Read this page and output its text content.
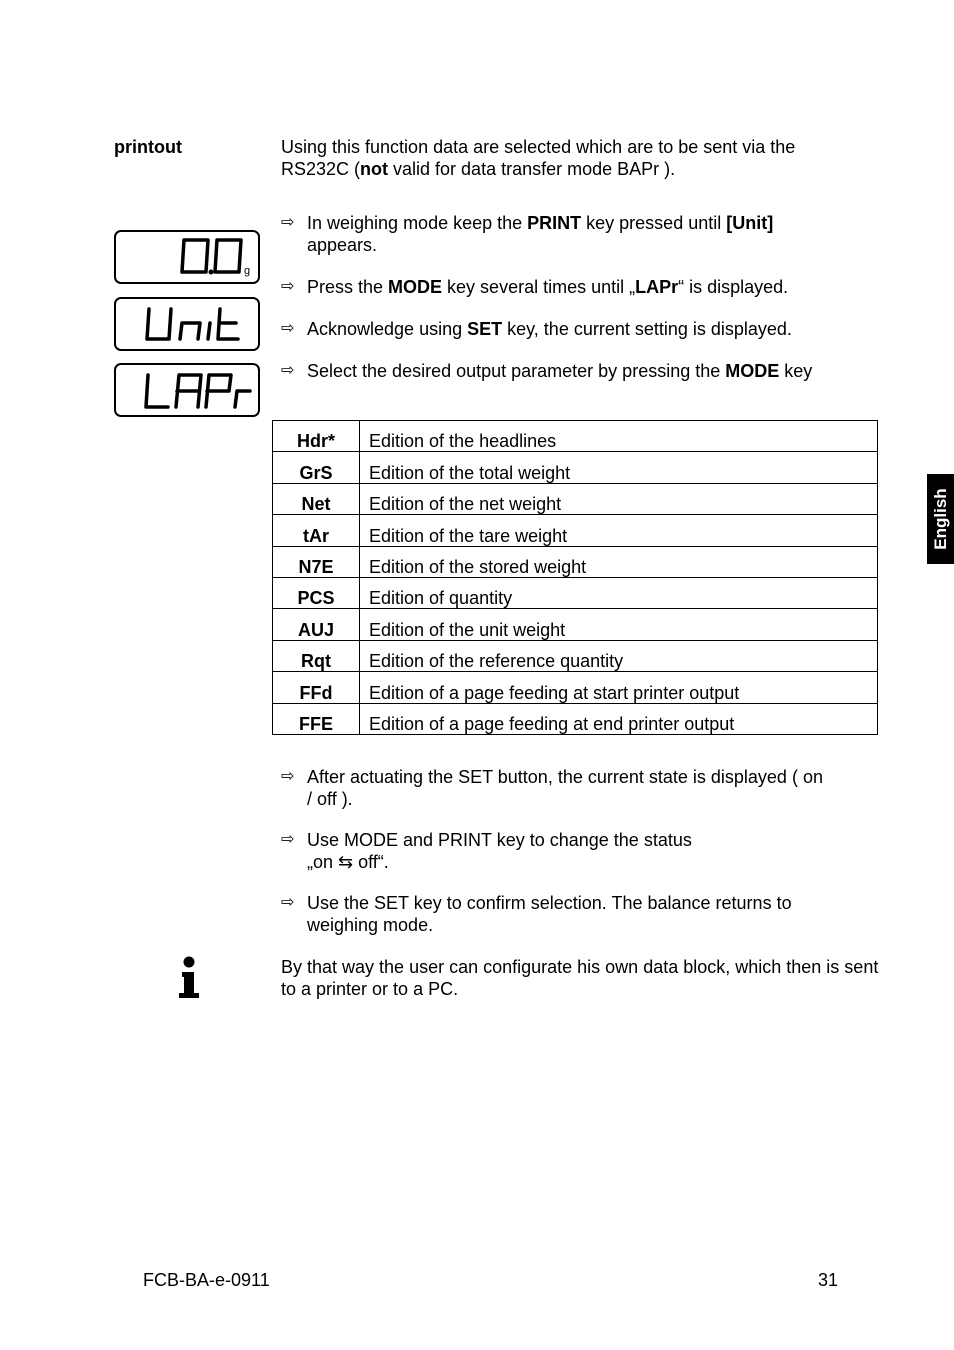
printout	Using this function data are selected which are to be sent via the RS232C (not valid for data transfer mode BAPr ).
g
⇨ In weighing mode keep the PRINT key pressed until [Unit]
appears.
⇨ Press the MODE key several times until „LAPr“ is displayed.
⇨ Acknowledge using SET key, the current setting is displayed.
⇨ Select the desired output parameter by pressing the MODE key
Hdr*	Edition of the headlines
GrS	Edition of the total weight
Net	Edition of the net weight
tAr	Edition of the tare weight
N7E	Edition of the stored weight
PCS	Edition of quantity
AUJ	Edition of the unit weight
Rqt	Edition of the reference quantity
FFd	Edition of a page feeding at start printer output
FFE	Edition of a page feeding at end printer output
⇨ After actuating the SET button, the current state is displayed ( on
/ off ).
⇨ Use MODE and PRINT key to change the status
„on ⇆ off“.
⇨ Use the SET key to confirm selection. The balance returns to
weighing mode.
By that way the user can configurate his own data block, which then is sent to a printer or to a PC.
English
FCB-BA-e-0911	31
